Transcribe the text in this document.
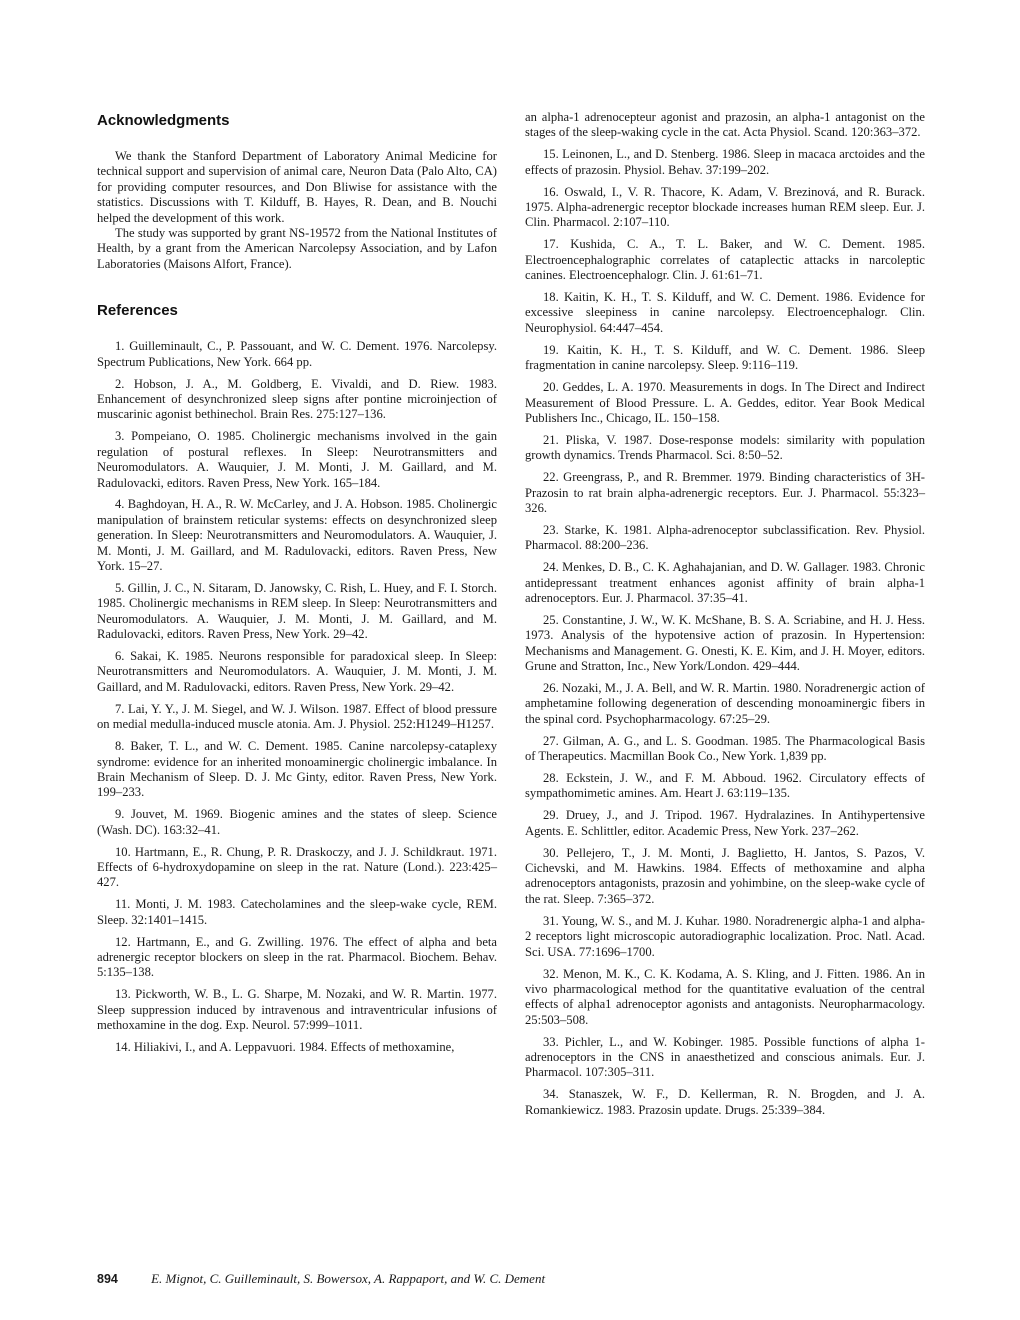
Acknowledgments

We thank the Stanford Department of Laboratory Animal Medicine for technical support and supervision of animal care, Neuron Data (Palo Alto, CA) for providing computer resources, and Don Bliwise for assistance with the statistics. Discussions with T. Kilduff, B. Hayes, R. Dean, and B. Nouchi helped the development of this work.

The study was supported by grant NS-19572 from the National Institutes of Health, by a grant from the American Narcolepsy Association, and by Lafon Laboratories (Maisons Alfort, France).

References

1. Guilleminault, C., P. Passouant, and W. C. Dement. 1976. Narcolepsy. Spectrum Publications, New York. 664 pp.

2. Hobson, J. A., M. Goldberg, E. Vivaldi, and D. Riew. 1983. Enhancement of desynchronized sleep signs after pontine microinjection of muscarinic agonist bethinechol. Brain Res. 275:127–136.

3. Pompeiano, O. 1985. Cholinergic mechanisms involved in the gain regulation of postural reflexes. In Sleep: Neurotransmitters and Neuromodulators. A. Wauquier, J. M. Monti, J. M. Gaillard, and M. Radulovacki, editors. Raven Press, New York. 165–184.

4. Baghdoyan, H. A., R. W. McCarley, and J. A. Hobson. 1985. Cholinergic manipulation of brainstem reticular systems: effects on desynchronized sleep generation. In Sleep: Neurotransmitters and Neuromodulators. A. Wauquier, J. M. Monti, J. M. Gaillard, and M. Radulovacki, editors. Raven Press, New York. 15–27.

5. Gillin, J. C., N. Sitaram, D. Janowsky, C. Rish, L. Huey, and F. I. Storch. 1985. Cholinergic mechanisms in REM sleep. In Sleep: Neurotransmitters and Neuromodulators. A. Wauquier, J. M. Monti, J. M. Gaillard, and M. Radulovacki, editors. Raven Press, New York. 29–42.

6. Sakai, K. 1985. Neurons responsible for paradoxical sleep. In Sleep: Neurotransmitters and Neuromodulators. A. Wauquier, J. M. Monti, J. M. Gaillard, and M. Radulovacki, editors. Raven Press, New York. 29–42.

7. Lai, Y. Y., J. M. Siegel, and W. J. Wilson. 1987. Effect of blood pressure on medial medulla-induced muscle atonia. Am. J. Physiol. 252:H1249–H1257.

8. Baker, T. L., and W. C. Dement. 1985. Canine narcolepsy-cataplexy syndrome: evidence for an inherited monoaminergic cholinergic imbalance. In Brain Mechanism of Sleep. D. J. Mc Ginty, editor. Raven Press, New York. 199–233.

9. Jouvet, M. 1969. Biogenic amines and the states of sleep. Science (Wash. DC). 163:32–41.

10. Hartmann, E., R. Chung, P. R. Draskoczy, and J. J. Schildkraut. 1971. Effects of 6-hydroxydopamine on sleep in the rat. Nature (Lond.). 223:425–427.

11. Monti, J. M. 1983. Catecholamines and the sleep-wake cycle, REM. Sleep. 32:1401–1415.

12. Hartmann, E., and G. Zwilling. 1976. The effect of alpha and beta adrenergic receptor blockers on sleep in the rat. Pharmacol. Biochem. Behav. 5:135–138.

13. Pickworth, W. B., L. G. Sharpe, M. Nozaki, and W. R. Martin. 1977. Sleep suppression induced by intravenous and intraventricular infusions of methoxamine in the dog. Exp. Neurol. 57:999–1011.

14. Hiliakivi, I., and A. Leppavuori. 1984. Effects of methoxamine,

an alpha-1 adrenocepteur agonist and prazosin, an alpha-1 antagonist on the stages of the sleep-waking cycle in the cat. Acta Physiol. Scand. 120:363–372.

15. Leinonen, L., and D. Stenberg. 1986. Sleep in macaca arctoides and the effects of prazosin. Physiol. Behav. 37:199–202.

16. Oswald, I., V. R. Thacore, K. Adam, V. Brezinová, and R. Burack. 1975. Alpha-adrenergic receptor blockade increases human REM sleep. Eur. J. Clin. Pharmacol. 2:107–110.

17. Kushida, C. A., T. L. Baker, and W. C. Dement. 1985. Electroencephalographic correlates of cataplectic attacks in narcoleptic canines. Electroencephalogr. Clin. J. 61:61–71.

18. Kaitin, K. H., T. S. Kilduff, and W. C. Dement. 1986. Evidence for excessive sleepiness in canine narcolepsy. Electroencephalogr. Clin. Neurophysiol. 64:447–454.

19. Kaitin, K. H., T. S. Kilduff, and W. C. Dement. 1986. Sleep fragmentation in canine narcolepsy. Sleep. 9:116–119.

20. Geddes, L. A. 1970. Measurements in dogs. In The Direct and Indirect Measurement of Blood Pressure. L. A. Geddes, editor. Year Book Medical Publishers Inc., Chicago, IL. 150–158.

21. Pliska, V. 1987. Dose-response models: similarity with population growth dynamics. Trends Pharmacol. Sci. 8:50–52.

22. Greengrass, P., and R. Bremmer. 1979. Binding characteristics of 3H-Prazosin to rat brain alpha-adrenergic receptors. Eur. J. Pharmacol. 55:323–326.

23. Starke, K. 1981. Alpha-adrenoceptor subclassification. Rev. Physiol. Pharmacol. 88:200–236.

24. Menkes, D. B., C. K. Aghahajanian, and D. W. Gallager. 1983. Chronic antidepressant treatment enhances agonist affinity of brain alpha-1 adrenoceptors. Eur. J. Pharmacol. 37:35–41.

25. Constantine, J. W., W. K. McShane, B. S. A. Scriabine, and H. J. Hess. 1973. Analysis of the hypotensive action of prazosin. In Hypertension: Mechanisms and Management. G. Onesti, K. E. Kim, and J. H. Moyer, editors. Grune and Stratton, Inc., New York/London. 429–444.

26. Nozaki, M., J. A. Bell, and W. R. Martin. 1980. Noradrenergic action of amphetamine following degeneration of descending monoaminergic fibers in the spinal cord. Psychopharmacology. 67:25–29.

27. Gilman, A. G., and L. S. Goodman. 1985. The Pharmacological Basis of Therapeutics. Macmillan Book Co., New York. 1,839 pp.

28. Eckstein, J. W., and F. M. Abboud. 1962. Circulatory effects of sympathomimetic amines. Am. Heart J. 63:119–135.

29. Druey, J., and J. Tripod. 1967. Hydralazines. In Antihypertensive Agents. E. Schlittler, editor. Academic Press, New York. 237–262.

30. Pellejero, T., J. M. Monti, J. Baglietto, H. Jantos, S. Pazos, V. Cichevski, and M. Hawkins. 1984. Effects of methoxamine and alpha adrenoceptors antagonists, prazosin and yohimbine, on the sleep-wake cycle of the rat. Sleep. 7:365–372.

31. Young, W. S., and M. J. Kuhar. 1980. Noradrenergic alpha-1 and alpha-2 receptors light microscopic autoradiographic localization. Proc. Natl. Acad. Sci. USA. 77:1696–1700.

32. Menon, M. K., C. K. Kodama, A. S. Kling, and J. Fitten. 1986. An in vivo pharmacological method for the quantitative evaluation of the central effects of alpha1 adrenoceptor agonists and antagonists. Neuropharmacology. 25:503–508.

33. Pichler, L., and W. Kobinger. 1985. Possible functions of alpha 1-adrenoceptors in the CNS in anaesthetized and conscious animals. Eur. J. Pharmacol. 107:305–311.

34. Stanaszek, W. F., D. Kellerman, R. N. Brogden, and J. A. Romankiewicz. 1983. Prazosin update. Drugs. 25:339–384.

894	E. Mignot, C. Guilleminault, S. Bowersox, A. Rappaport, and W. C. Dement
